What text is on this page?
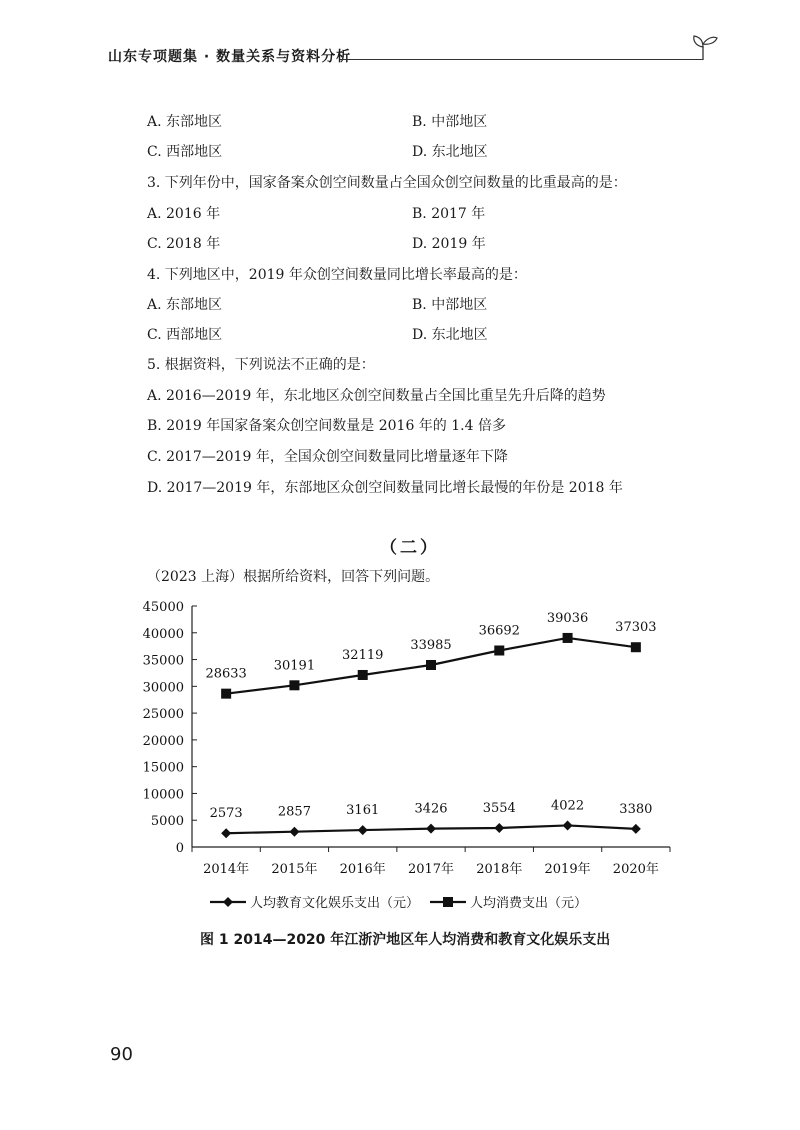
山东专项题集 · 数量关系与资料分析
A. 东部地区	B. 中部地区
C. 西部地区	D. 东北地区
3. 下列年份中，国家备案众创空间数量占全国众创空间数量的比重最高的是：
A. 2016 年	B. 2017 年
C. 2018 年	D. 2019 年
4. 下列地区中，2019 年众创空间数量同比增长率最高的是：
A. 东部地区	B. 中部地区
C. 西部地区	D. 东北地区
5. 根据资料，下列说法不正确的是：
A. 2016—2019 年，东北地区众创空间数量占全国比重呈先升后降的趋势
B. 2019 年国家备案众创空间数量是 2016 年的 1.4 倍多
C. 2017—2019 年，全国众创空间数量同比增量逐年下降
D. 2017—2019 年，东部地区众创空间数量同比增长最慢的年份是 2018 年
（二）
（2023 上海）根据所给资料，回答下列问题。
0
5000
10000
15000
20000
25000
30000
35000
40000
45000
2014年 2015年 2016年 2017年 2018年 2019年 2020年
2573	2857	3161	3426	3554	4022	3380
28633
30191
32119
33985
36692
39036
37303
人均教育文化娱乐支出（元）	人均消费支出（元）
图 1 2014—2020 年江浙沪地区年人均消费和教育文化娱乐支出
90
